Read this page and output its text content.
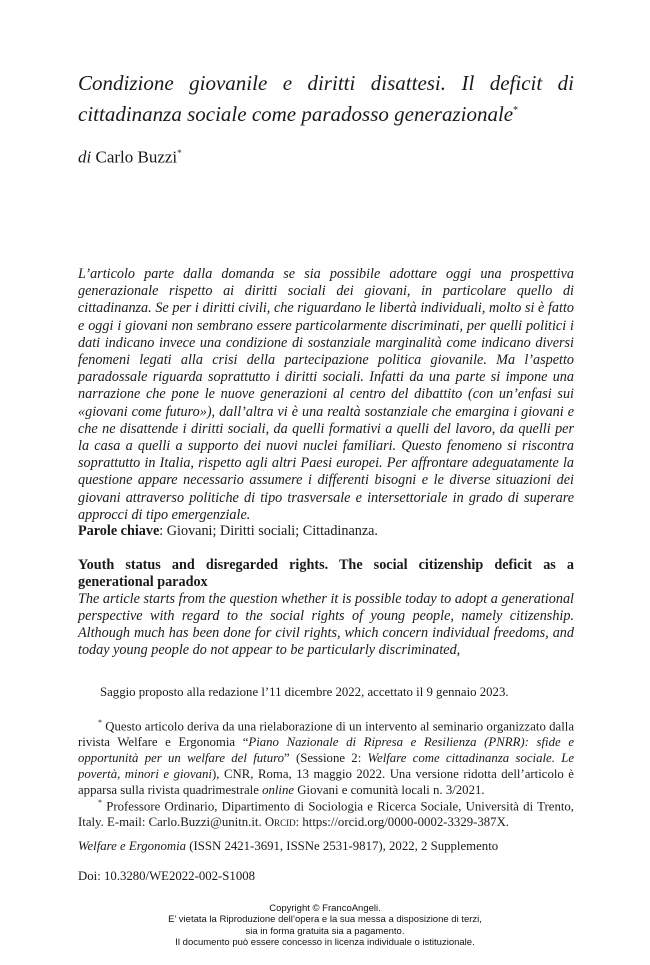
Condizione giovanile e diritti disattesi. Il deficit di cittadinanza sociale come paradosso generazionale*
di Carlo Buzzi*

L’articolo parte dalla domanda se sia possibile adottare oggi una prospettiva generazionale rispetto ai diritti sociali dei giovani, in particolare quello di cittadinanza. Se per i diritti civili, che riguardano le libertà individuali, molto si è fatto e oggi i giovani non sembrano essere particolarmente discriminati, per quelli politici i dati indicano invece una condizione di sostanziale marginalità come indicano diversi fenomeni legati alla crisi della partecipazione politica giovanile. Ma l’aspetto paradossale riguarda soprattutto i diritti sociali. Infatti da una parte si impone una narrazione che pone le nuove generazioni al centro del dibattito (con un’enfasi sui «giovani come futuro»), dall’altra vi è una realtà sostanziale che emargina i giovani e che ne disattende i diritti sociali, da quelli formativi a quelli del lavoro, da quelli per la casa a quelli a supporto dei nuovi nuclei familiari. Questo fenomeno si riscontra soprattutto in Italia, rispetto agli altri Paesi europei. Per affrontare adeguatamente la questione appare necessario assumere i differenti bisogni e le diverse situazioni dei giovani attraverso politiche di tipo trasversale e intersettoriale in grado di superare approcci di tipo emergenziale.

Parole chiave: Giovani; Diritti sociali; Cittadinanza.

Youth status and disregarded rights. The social citizenship deficit as a generational paradox

The article starts from the question whether it is possible today to adopt a generational perspective with regard to the social rights of young people, namely citizenship. Although much has been done for civil rights, which concern individual freedoms, and today young people do not appear to be particularly discriminated,

Saggio proposto alla redazione l’11 dicembre 2022, accettato il 9 gennaio 2023.

* Questo articolo deriva da una rielaborazione di un intervento al seminario organizzato dalla rivista Welfare e Ergonomia “Piano Nazionale di Ripresa e Resilienza (PNRR): sfide e opportunità per un welfare del futuro” (Sessione 2: Welfare come cittadinanza sociale. Le povertà, minori e giovani), CNR, Roma, 13 maggio 2022. Una versione ridotta dell’articolo è apparsa sulla rivista quadrimestrale online Giovani e comunità locali n. 3/2021.

* Professore Ordinario, Dipartimento di Sociologia e Ricerca Sociale, Università di Trento, Italy. E-mail: Carlo.Buzzi@unitn.it. Orcid: https://orcid.org/0000-0002-3329-387X.

Welfare e Ergonomia (ISSN 2421-3691, ISSNe 2531-9817), 2022, 2 Supplemento

Doi: 10.3280/WE2022-002-S1008

Copyright © FrancoAngeli.
E’ vietata la Riproduzione dell’opera e la sua messa a disposizione di terzi,
sia in forma gratuita sia a pagamento.
Il documento può essere concesso in licenza individuale o istituzionale.
